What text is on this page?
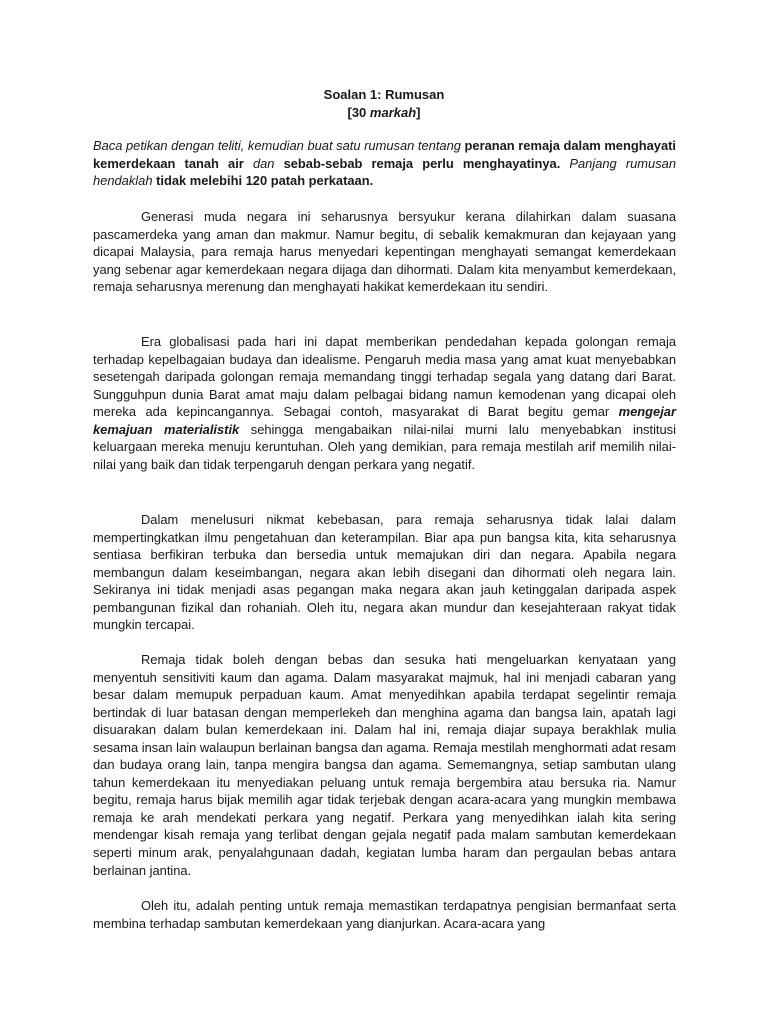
Soalan 1: Rumusan
[30 markah]
Baca petikan dengan teliti, kemudian buat satu rumusan tentang peranan remaja dalam menghayati kemerdekaan tanah air dan sebab-sebab remaja perlu menghayatinya. Panjang rumusan hendaklah tidak melebihi 120 patah perkataan.

Generasi muda negara ini seharusnya bersyukur kerana dilahirkan dalam suasana pascamerdeka yang aman dan makmur. Namur begitu, di sebalik kemakmuran dan kejayaan yang dicapai Malaysia, para remaja harus menyedari kepentingan menghayati semangat kemerdekaan yang sebenar agar kemerdekaan negara dijaga dan dihormati. Dalam kita menyambut kemerdekaan, remaja seharusnya merenung dan menghayati hakikat kemerdekaan itu sendiri.

Era globalisasi pada hari ini dapat memberikan pendedahan kepada golongan remaja terhadap kepelbagaian budaya dan idealisme. Pengaruh media masa yang amat kuat menyebabkan sesetengah daripada golongan remaja memandang tinggi terhadap segala yang datang dari Barat. Sungguhpun dunia Barat amat maju dalam pelbagai bidang namun kemodenan yang dicapai oleh mereka ada kepincangannya. Sebagai contoh, masyarakat di Barat begitu gemar mengejar kemajuan materialistik sehingga mengabaikan nilai-nilai murni lalu menyebabkan institusi keluargaan mereka menuju keruntuhan. Oleh yang demikian, para remaja mestilah arif memilih nilai-nilai yang baik dan tidak terpengaruh dengan perkara yang negatif.

Dalam menelusuri nikmat kebebasan, para remaja seharusnya tidak lalai dalam mempertingkatkan ilmu pengetahuan dan keterampilan. Biar apa pun bangsa kita, kita seharusnya sentiasa berfikiran terbuka dan bersedia untuk memajukan diri dan negara. Apabila negara membangun dalam keseimbangan, negara akan lebih disegani dan dihormati oleh negara lain. Sekiranya ini tidak menjadi asas pegangan maka negara akan jauh ketinggalan daripada aspek pembangunan fizikal dan rohaniah. Oleh itu, negara akan mundur dan kesejahteraan rakyat tidak mungkin tercapai.

Remaja tidak boleh dengan bebas dan sesuka hati mengeluarkan kenyataan yang menyentuh sensitiviti kaum dan agama. Dalam masyarakat majmuk, hal ini menjadi cabaran yang besar dalam memupuk perpaduan kaum. Amat menyedihkan apabila terdapat segelintir remaja bertindak di luar batasan dengan memperlekeh dan menghina agama dan bangsa lain, apatah lagi disuarakan dalam bulan kemerdekaan ini. Dalam hal ini, remaja diajar supaya berakhlak mulia sesama insan lain walaupun berlainan bangsa dan agama. Remaja mestilah menghormati adat resam dan budaya orang lain, tanpa mengira bangsa dan agama. Sememangnya, setiap sambutan ulang tahun kemerdekaan itu menyediakan peluang untuk remaja bergembira atau bersuka ria. Namur begitu, remaja harus bijak memilih agar tidak terjebak dengan acara-acara yang mungkin membawa remaja ke arah mendekati perkara yang negatif. Perkara yang menyedihkan ialah kita sering mendengar kisah remaja yang terlibat dengan gejala negatif pada malam sambutan kemerdekaan seperti minum arak, penyalahgunaan dadah, kegiatan lumba haram dan pergaulan bebas antara berlainan jantina.

Oleh itu, adalah penting untuk remaja memastikan terdapatnya pengisian bermanfaat serta membina terhadap sambutan kemerdekaan yang dianjurkan. Acara-acara yang
